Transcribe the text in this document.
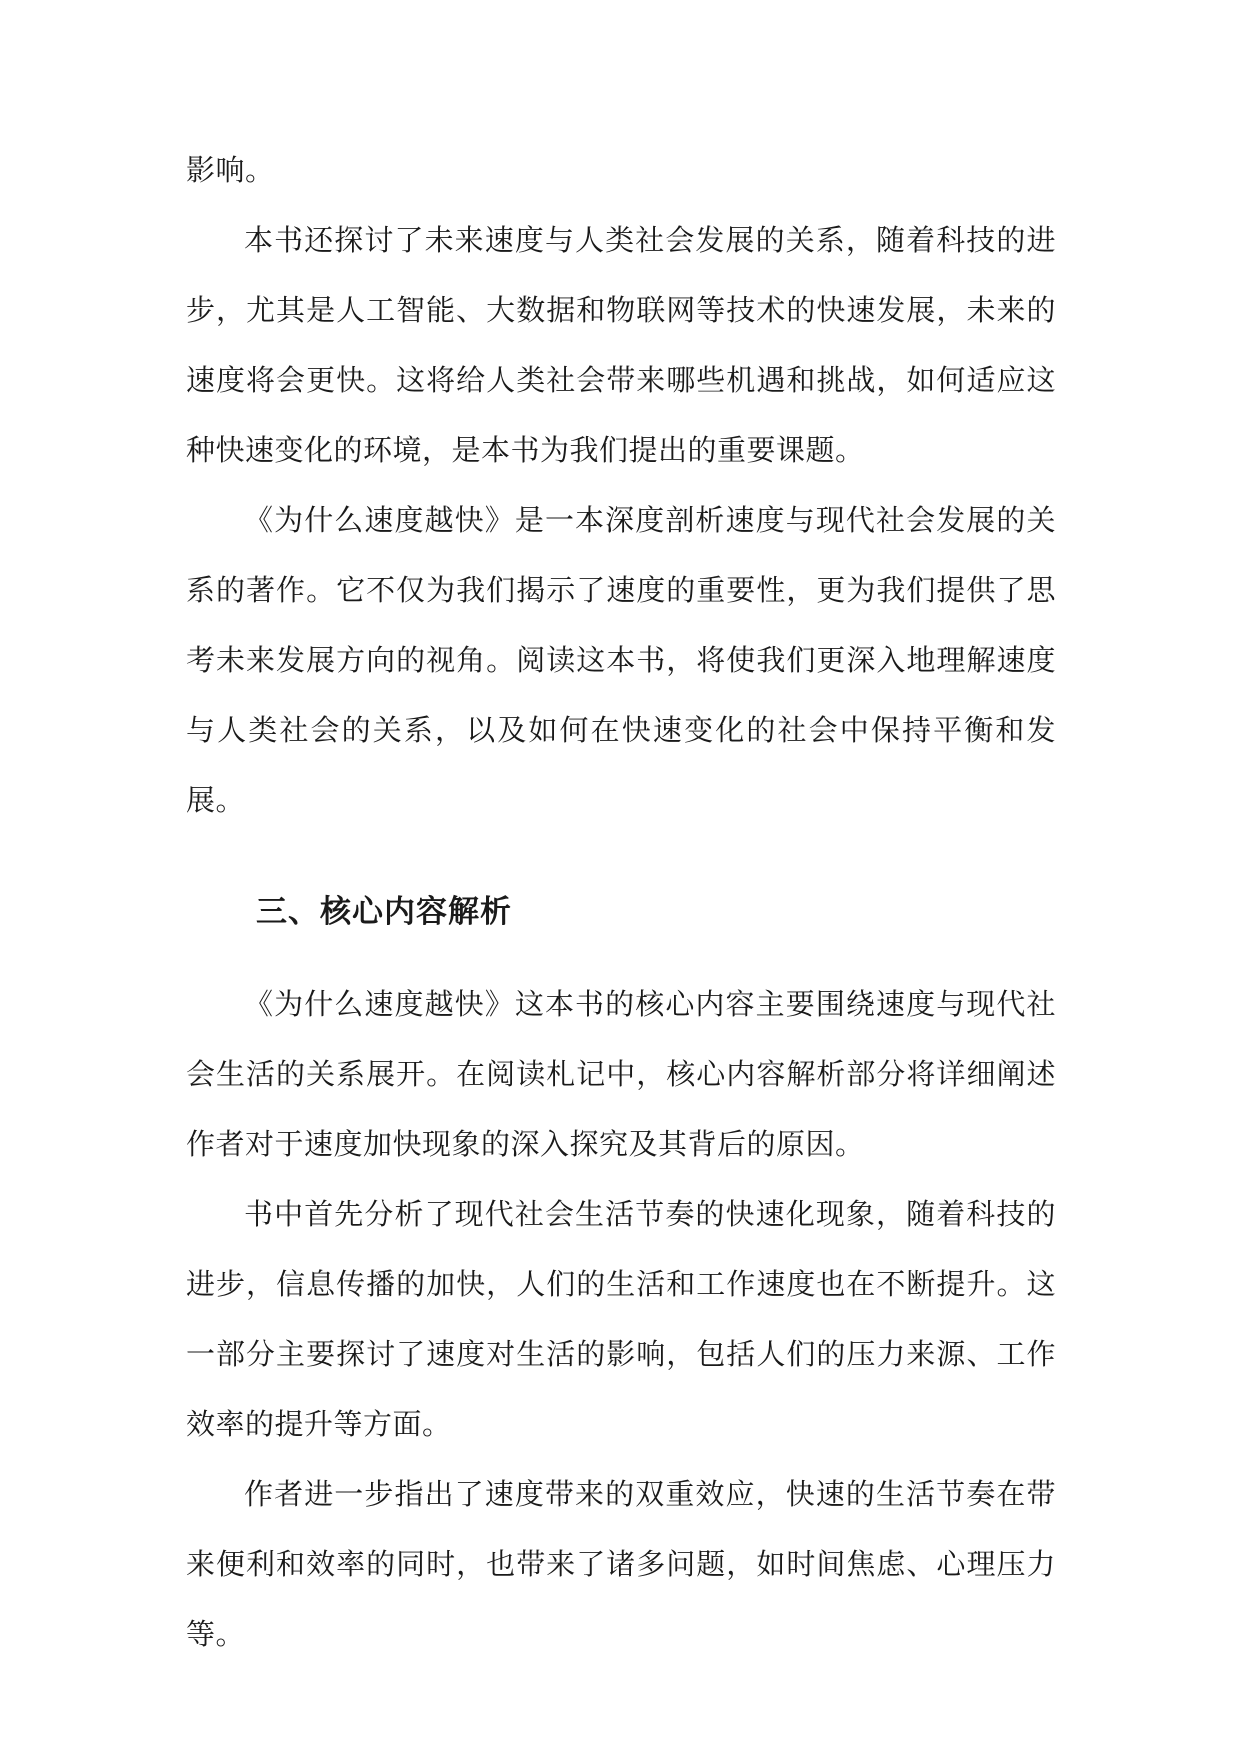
影响。

本书还探讨了未来速度与人类社会发展的关系，随着科技的进步，尤其是人工智能、大数据和物联网等技术的快速发展，未来的速度将会更快。这将给人类社会带来哪些机遇和挑战，如何适应这种快速变化的环境，是本书为我们提出的重要课题。

《为什么速度越快》是一本深度剖析速度与现代社会发展的关系的著作。它不仅为我们揭示了速度的重要性，更为我们提供了思考未来发展方向的视角。阅读这本书，将使我们更深入地理解速度与人类社会的关系，以及如何在快速变化的社会中保持平衡和发展。

三、核心内容解析

《为什么速度越快》这本书的核心内容主要围绕速度与现代社会生活的关系展开。在阅读札记中，核心内容解析部分将详细阐述作者对于速度加快现象的深入探究及其背后的原因。

书中首先分析了现代社会生活节奏的快速化现象，随着科技的进步，信息传播的加快，人们的生活和工作速度也在不断提升。这一部分主要探讨了速度对生活的影响，包括人们的压力来源、工作效率的提升等方面。

作者进一步指出了速度带来的双重效应，快速的生活节奏在带来便利和效率的同时，也带来了诸多问题，如时间焦虑、心理压力等。
